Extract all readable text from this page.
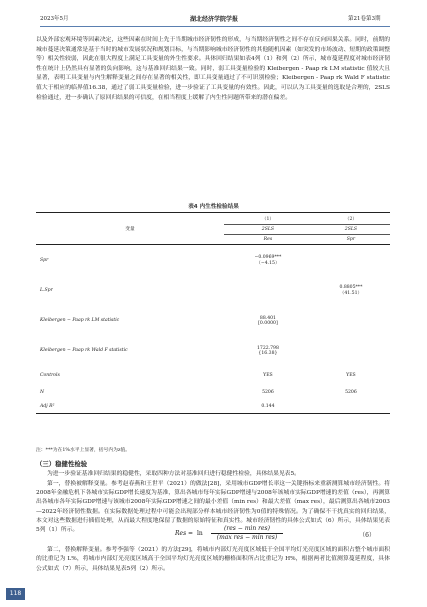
2023年5月	湖北经济学院学报	第21卷第3期

以及外部宏观环境等因素决定，这些因素在时间上先于当期城市经济韧性的形成，与当期经济韧性之间不存在反向因果关系。同时，前期的城市蔓延决策通常是基于当时的城市发展状况和规划目标，与当期影响城市经济韧性的其他随机因素（如突发的市场波动、短期的政策调整等）相关性较弱，因此在很大程度上满足工具变量的外生性要求。具体回归结果如表4列（1）和列（2）所示，城市蔓延程度对城市经济韧性在统计上仍然具有显著的负向影响，这与基准回归结果一致。同时，弱工具变量检验的 Kleibergen - Paap rk LM statistic 值较大且显著，表明工具变量与内生解释变量之间存在显著的相关性，即工具变量通过了不可识别检验；Kleibergen - Paap rk Wald F statistic 值大于相应的临界值16.38，通过了弱工具变量检验，进一步验证了工具变量的有效性。因此，可以认为工具变量的选取是合理的，2SLS 检验通过，进一步确认了原回归结果的可信度，在相当程度上缓解了内生性问题所带来的潜在偏差。

表4 内生性检验结果

变量	（1）	（2）
	2SLS	2SLS
	Res	Spr

Spr	−0.0969***
（−4.15）	

L.Spr		0.8805***
（41.51）

Kleibergen − Paap rk LM statistic	88.401
[0.0000]	

Kleibergen − Paap rk Wald F statistic	1722.798
{16.38}	

Controls	YES	YES
N	5206	5206
Adj R²	0.144	

注：***为在1%水平上显著，括号内为z值。
（三）稳健性检验

为进一步验证基准回归结果的稳健性，采取四种方法对基准回归进行稳健性检验，具体结果见表5。

第一，替换被解释变量。参考赵春燕和王世平（2021）的做法[28]，采用城市GDP增长率这一关键指标来重新测算城市经济韧性。将2008年金融危机下各城市实际GDP增长速度为基准，算出各城市每年实际GDP增速与2008年该城市实际GDP增速的差值（res），再测算出各城市各年实际GDP增速与该城市2008年实际GDP增速之间的最小差值（min res）和最大差值（max res），最后测算出各城市2003—2022年经济韧性数据。在实际数据处理过程中可能会出现部分样本城市经济韧性为0值的特殊情况。为了确保不干扰真实的回归结果，本文对这些数据进行插值处理，从而最大程度地保留了数据的原始特征和真实性。城市经济韧性的具体公式如式（6）所示，具体结果见表5列（1）所示。	Res = ln
(res − min res)
(max res − min res)	（6）

第二，替换解释变量。参考李强等（2021）的方法[29]，将城市内部灯光亮度区域低于全国平均灯光亮度区域的面积占整个城市面积的比重记为 L%，将城市内部灯光亮度区域高于全国平均灯光亮度区域的栅格面积所占比重记为 H%，根据两者比值测算蔓延程度，具体公式如式（7）所示，具体结果见表5列（2）所示。

118
